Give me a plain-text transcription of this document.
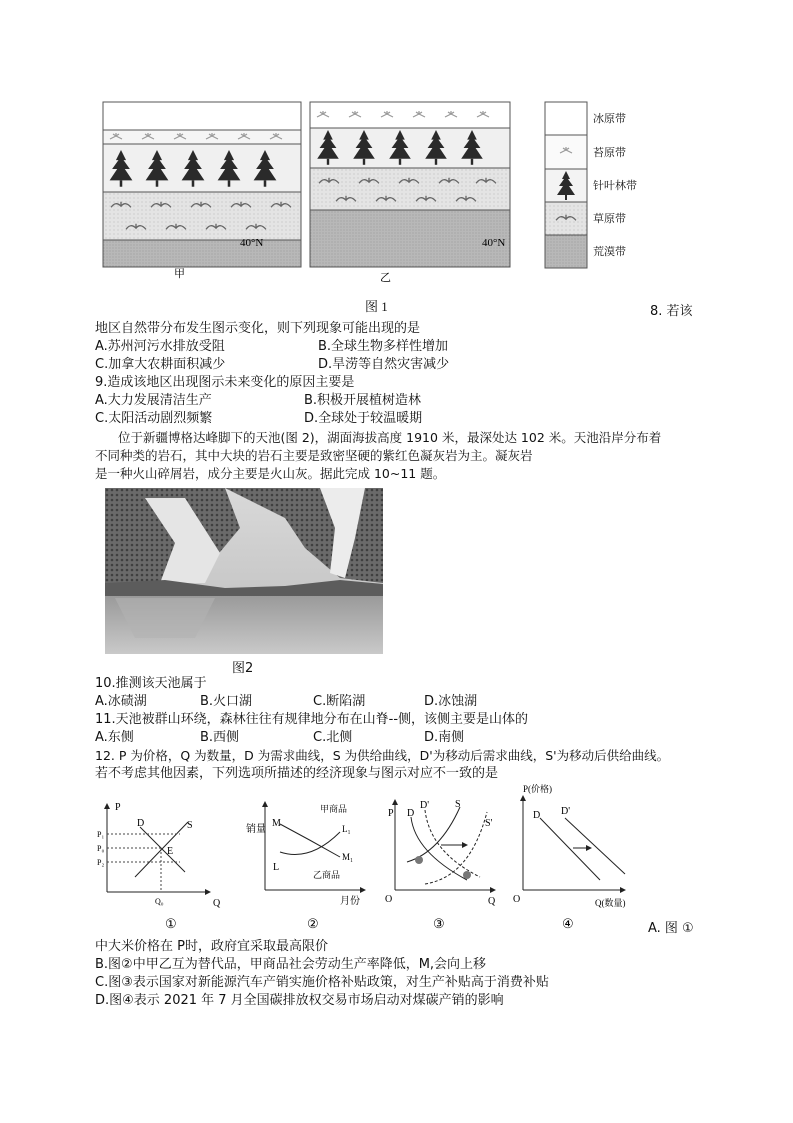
甲
40°N	40°N
乙
冰原带
苔原带
针叶林带
草原带
荒漠带
图 1	8. 若该
地区自然带分布发生图示变化，则下列现象可能出现的是
A.苏州河污水排放受阻	B.全球生物多样性增加
C.加拿大农耕面积减少	D.旱涝等自然灾害减少
9.造成该地区出现图示未来变化的原因主要是
A.大力发展清洁生产	B.积极开展植树造林
C.太阳活动剧烈频繁	D.全球处于较温暖期
位于新疆博格达峰脚下的天池(图 2)，湖面海拔高度 1910 米，最深处达 102 米。天池沿岸分布着
不同种类的岩石，其中大块的岩石主要是致密坚硬的紫红色凝灰岩为主。凝灰岩
是一种火山碎屑岩，成分主要是火山灰。据此完成 10~11 题。
图2
10.推测该天池属于
A.冰碛湖	B.火口湖	C.断陷湖	D.冰蚀湖
11.天池被群山环绕，森林往往有规律地分布在山脊--侧，该侧主要是山体的
A.东侧	B.西侧	C.北侧	D.南侧
12. P 为价格，Q 为数量，D 为需求曲线，S 为供给曲线，D'为移动后需求曲线，S'为移动后供给曲线。
若不考虑其他因素，下列选项所描述的经济现象与图示对应不一致的是
P
Q
D	S
E
P₁
P₀
P₂
Q₀
①
销量
月份
M
L
L₁
M₁
甲商品
乙商品
②
P
Q
O
D
D'	S
S'
③
P(价格)
Q(数量)
O
D D'
④	A. 图 ①
中大米价格在 P时，政府宜采取最高限价
B.图②中甲乙互为替代品，甲商品社会劳动生产率降低，M,会向上移
C.图③表示国家对新能源汽车产销实施价格补贴政策，对生产补贴高于消费补贴
D.图④表示 2021 年 7 月全国碳排放权交易市场启动对煤碳产销的影响
